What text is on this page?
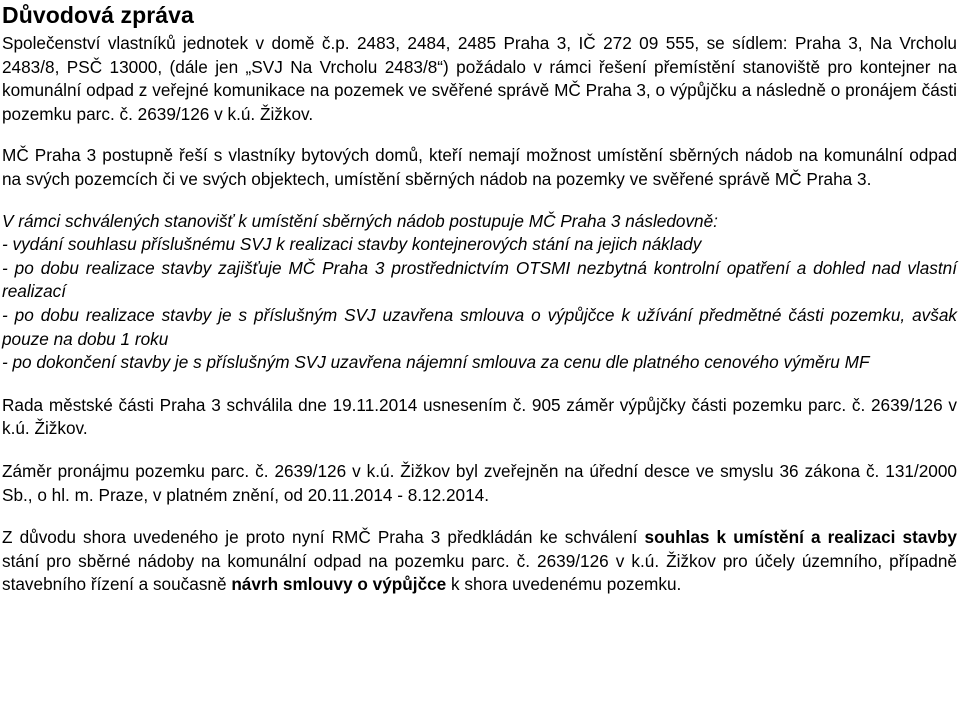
Důvodová zpráva

Společenství vlastníků jednotek v domě č.p. 2483, 2484, 2485 Praha 3, IČ 272 09 555, se sídlem: Praha 3, Na Vrcholu 2483/8, PSČ 13000, (dále jen „SVJ Na Vrcholu 2483/8“) požádalo v rámci řešení přemístění stanoviště pro kontejner na komunální odpad z veřejné komunikace na pozemek ve svěřené správě MČ Praha 3, o výpůjčku a následně o pronájem části pozemku parc. č. 2639/126 v k.ú. Žižkov.

MČ Praha 3 postupně řeší s vlastníky bytových domů, kteří nemají možnost umístění sběrných nádob na komunální odpad na svých pozemcích či ve svých objektech, umístění sběrných nádob na pozemky ve svěřené správě MČ Praha 3.

V rámci schválených stanovišť k umístění sběrných nádob postupuje MČ Praha 3 následovně:
- vydání souhlasu příslušnému SVJ k realizaci stavby kontejnerových stání na jejich náklady
- po dobu realizace stavby zajišťuje MČ Praha 3 prostřednictvím OTSMI nezbytná kontrolní opatření a dohled nad vlastní realizací
- po dobu realizace stavby je s příslušným SVJ uzavřena smlouva o výpůjčce k užívání předmětné části pozemku, avšak pouze na dobu 1 roku
- po dokončení stavby je s příslušným SVJ uzavřena nájemní smlouva za cenu dle platného cenového výměru MF

Rada městské části Praha 3 schválila dne 19.11.2014 usnesením č. 905 záměr výpůjčky části pozemku parc. č. 2639/126 v k.ú. Žižkov.

Záměr pronájmu pozemku parc. č. 2639/126 v k.ú. Žižkov byl zveřejněn na úřední desce ve smyslu 36 zákona č. 131/2000 Sb., o hl. m. Praze, v platném znění, od 20.11.2014 - 8.12.2014.

Z důvodu shora uvedeného je proto nyní RMČ Praha 3 předkládán ke schválení souhlas k umístění a realizaci stavby stání pro sběrné nádoby na komunální odpad na pozemku parc. č. 2639/126 v k.ú. Žižkov pro účely územního, případně stavebního řízení a současně návrh smlouvy o výpůjčce k shora uvedenému pozemku.
